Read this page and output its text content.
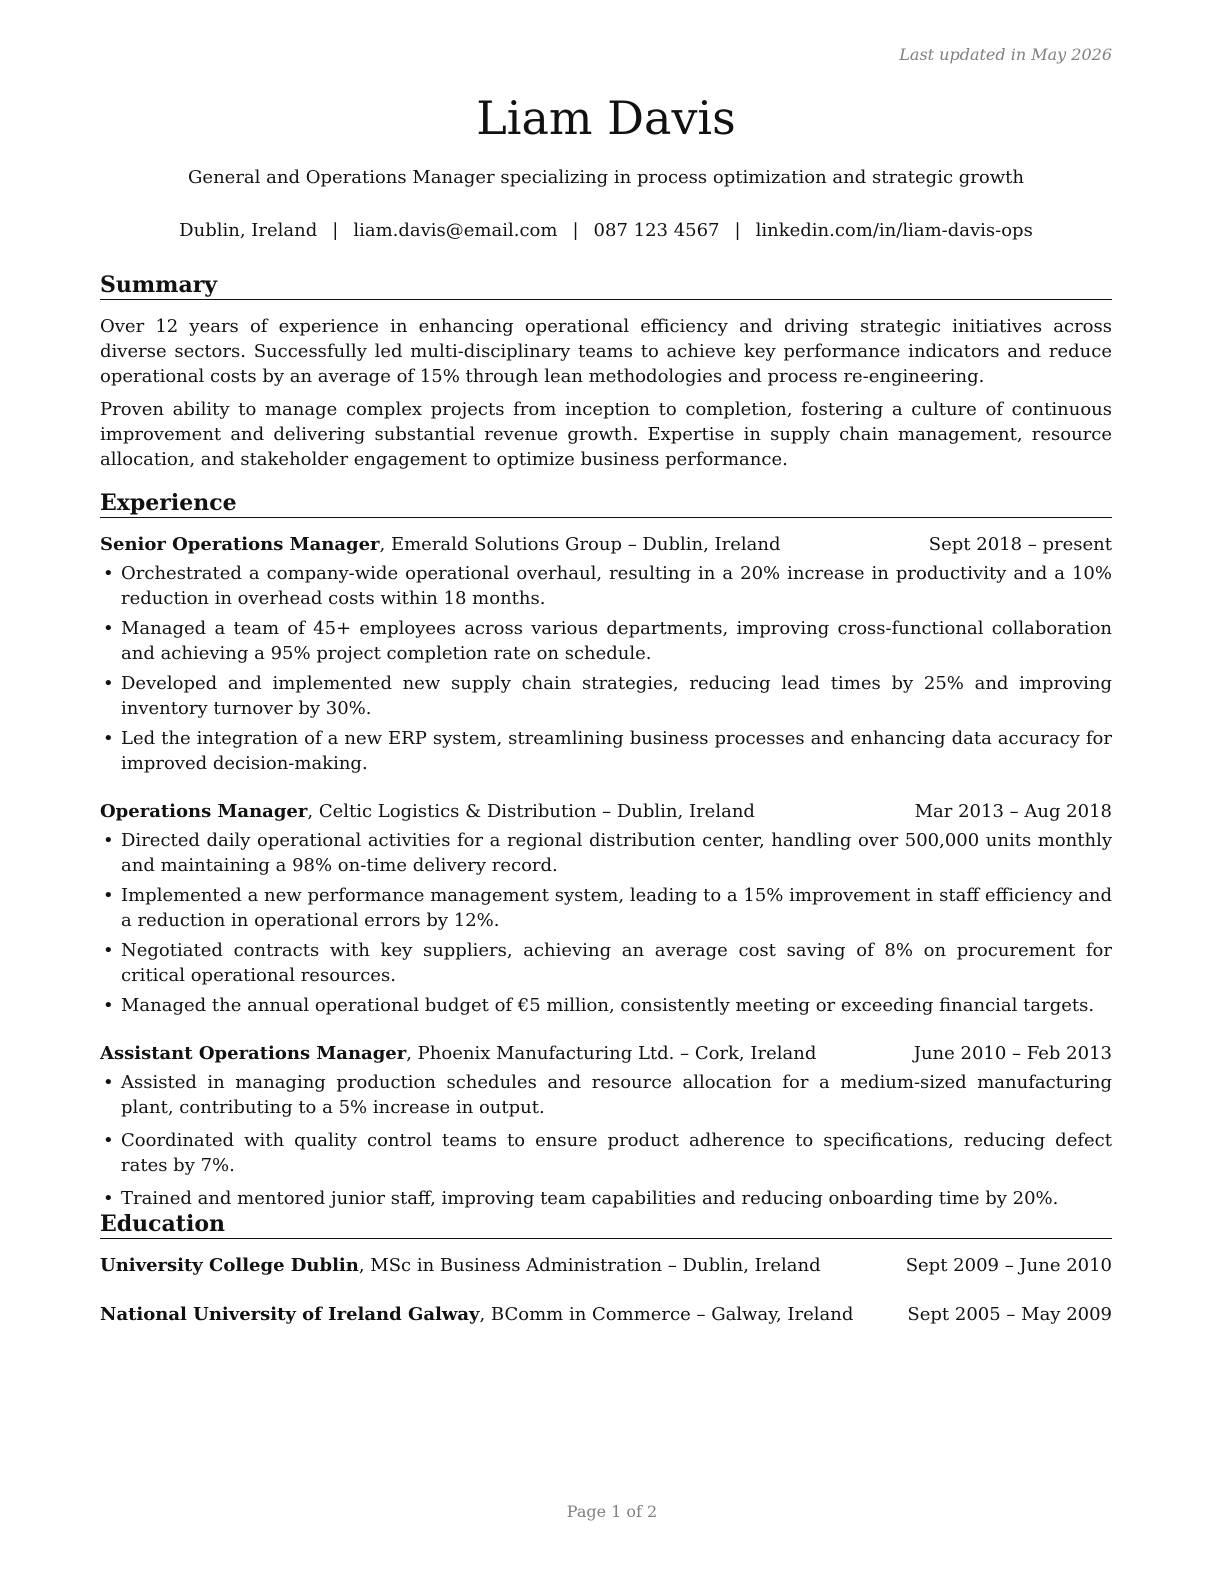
Last updated in May 2026
Liam Davis
General and Operations Manager specializing in process optimization and strategic growth
Dublin, Ireland | liam.davis@email.com | 087 123 4567 | linkedin.com/in/liam-davis-ops
Summary

Over 12 years of experience in enhancing operational efficiency and driving strategic initiatives across diverse sectors. Successfully led multi-disciplinary teams to achieve key performance indicators and reduce operational costs by an average of 15% through lean methodologies and process re-engineering.

Proven ability to manage complex projects from inception to completion, fostering a culture of continuous improvement and delivering substantial revenue growth. Expertise in supply chain management, resource allocation, and stakeholder engagement to optimize business performance.

Experience
Senior Operations Manager, Emerald Solutions Group – Dublin, Ireland	Sept 2018 – present
• Orchestrated a company-wide operational overhaul, resulting in a 20% increase in productivity and a 10% reduction in overhead costs within 18 months.
• Managed a team of 45+ employees across various departments, improving cross-functional collaboration and achieving a 95% project completion rate on schedule.
• Developed and implemented new supply chain strategies, reducing lead times by 25% and improving inventory turnover by 30%.
• Led the integration of a new ERP system, streamlining business processes and enhancing data accuracy for improved decision-making.
Operations Manager, Celtic Logistics & Distribution – Dublin, Ireland	Mar 2013 – Aug 2018
• Directed daily operational activities for a regional distribution center, handling over 500,000 units monthly and maintaining a 98% on-time delivery record.
• Implemented a new performance management system, leading to a 15% improvement in staff efficiency and a reduction in operational errors by 12%.
• Negotiated contracts with key suppliers, achieving an average cost saving of 8% on procurement for critical operational resources.
• Managed the annual operational budget of €5 million, consistently meeting or exceeding financial targets.
Assistant Operations Manager, Phoenix Manufacturing Ltd. – Cork, Ireland	June 2010 – Feb 2013
• Assisted in managing production schedules and resource allocation for a medium-sized manufacturing plant, contributing to a 5% increase in output.
• Coordinated with quality control teams to ensure product adherence to specifications, reducing defect rates by 7%.
• Trained and mentored junior staff, improving team capabilities and reducing onboarding time by 20%.
Education
University College Dublin, MSc in Business Administration – Dublin, Ireland	Sept 2009 – June 2010
National University of Ireland Galway, BComm in Commerce – Galway, Ireland	Sept 2005 – May 2009
Page 1 of 2
